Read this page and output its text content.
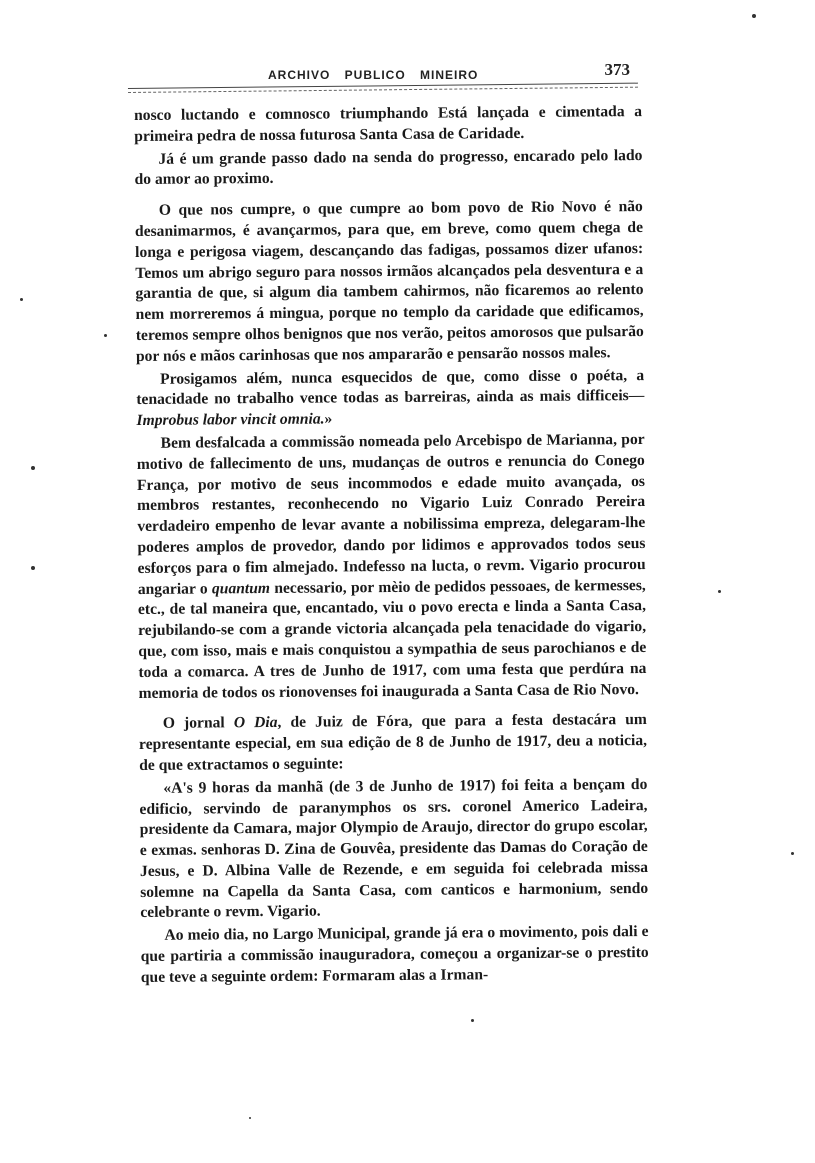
ARCHIVO PUBLICO MINEIRO	373

nosco luctando e comnosco triumphando Está lançada e cimentada a primeira pedra de nossa futurosa Santa Casa de Caridade.

Já é um grande passo dado na senda do progresso, encarado pelo lado do amor ao proximo.

O que nos cumpre, o que cumpre ao bom povo de Rio Novo é não desanimarmos, é avançarmos, para que, em breve, como quem chega de longa e perigosa viagem, descançando das fadigas, possamos dizer ufanos: Temos um abrigo seguro para nossos irmãos alcançados pela desventura e a garantia de que, si algum dia tambem cahirmos, não ficaremos ao relento nem morreremos á mingua, porque no templo da caridade que edificamos, teremos sempre olhos benignos que nos verão, peitos amorosos que pulsarão por nós e mãos carinhosas que nos ampararão e pensarão nossos males.

Prosigamos além, nunca esquecidos de que, como disse o poéta, a tenacidade no trabalho vence todas as barreiras, ainda as mais difficeis—Improbus labor vincit omnia.»

Bem desfalcada a commissão nomeada pelo Arcebispo de Marianna, por motivo de fallecimento de uns, mudanças de outros e renuncia do Conego França, por motivo de seus incommodos e edade muito avançada, os membros restantes, reconhecendo no Vigario Luiz Conrado Pereira verdadeiro empenho de levar avante a nobilissima empreza, delegaram-lhe poderes amplos de provedor, dando por lidimos e approvados todos seus esforços para o fim almejado. Indefesso na lucta, o revm. Vigario procurou angariar o quantum necessario, por mèio de pedidos pessoaes, de kermesses, etc., de tal maneira que, encantado, viu o povo erecta e linda a Santa Casa, rejubilando-se com a grande victoria alcançada pela tenacidade do vigario, que, com isso, mais e mais conquistou a sympathia de seus parochianos e de toda a comarca. A tres de Junho de 1917, com uma festa que perdúra na memoria de todos os rionovenses foi inaugurada a Santa Casa de Rio Novo.

O jornal O Dia, de Juiz de Fóra, que para a festa destacára um representante especial, em sua edição de 8 de Junho de 1917, deu a noticia, de que extractamos o seguinte:

«A's 9 horas da manhã (de 3 de Junho de 1917) foi feita a bençam do edificio, servindo de paranymphos os srs. coronel Americo Ladeira, presidente da Camara, major Olympio de Araujo, director do grupo escolar, e exmas. senhoras D. Zina de Gouvêa, presidente das Damas do Coração de Jesus, e D. Albina Valle de Rezende, e em seguida foi celebrada missa solemne na Capella da Santa Casa, com canticos e harmonium, sendo celebrante o revm. Vigario.

Ao meio dia, no Largo Municipal, grande já era o movimento, pois dali e que partiria a commissão inauguradora, começou a organizar-se o prestito que teve a seguinte ordem: Formaram alas a Irman-
